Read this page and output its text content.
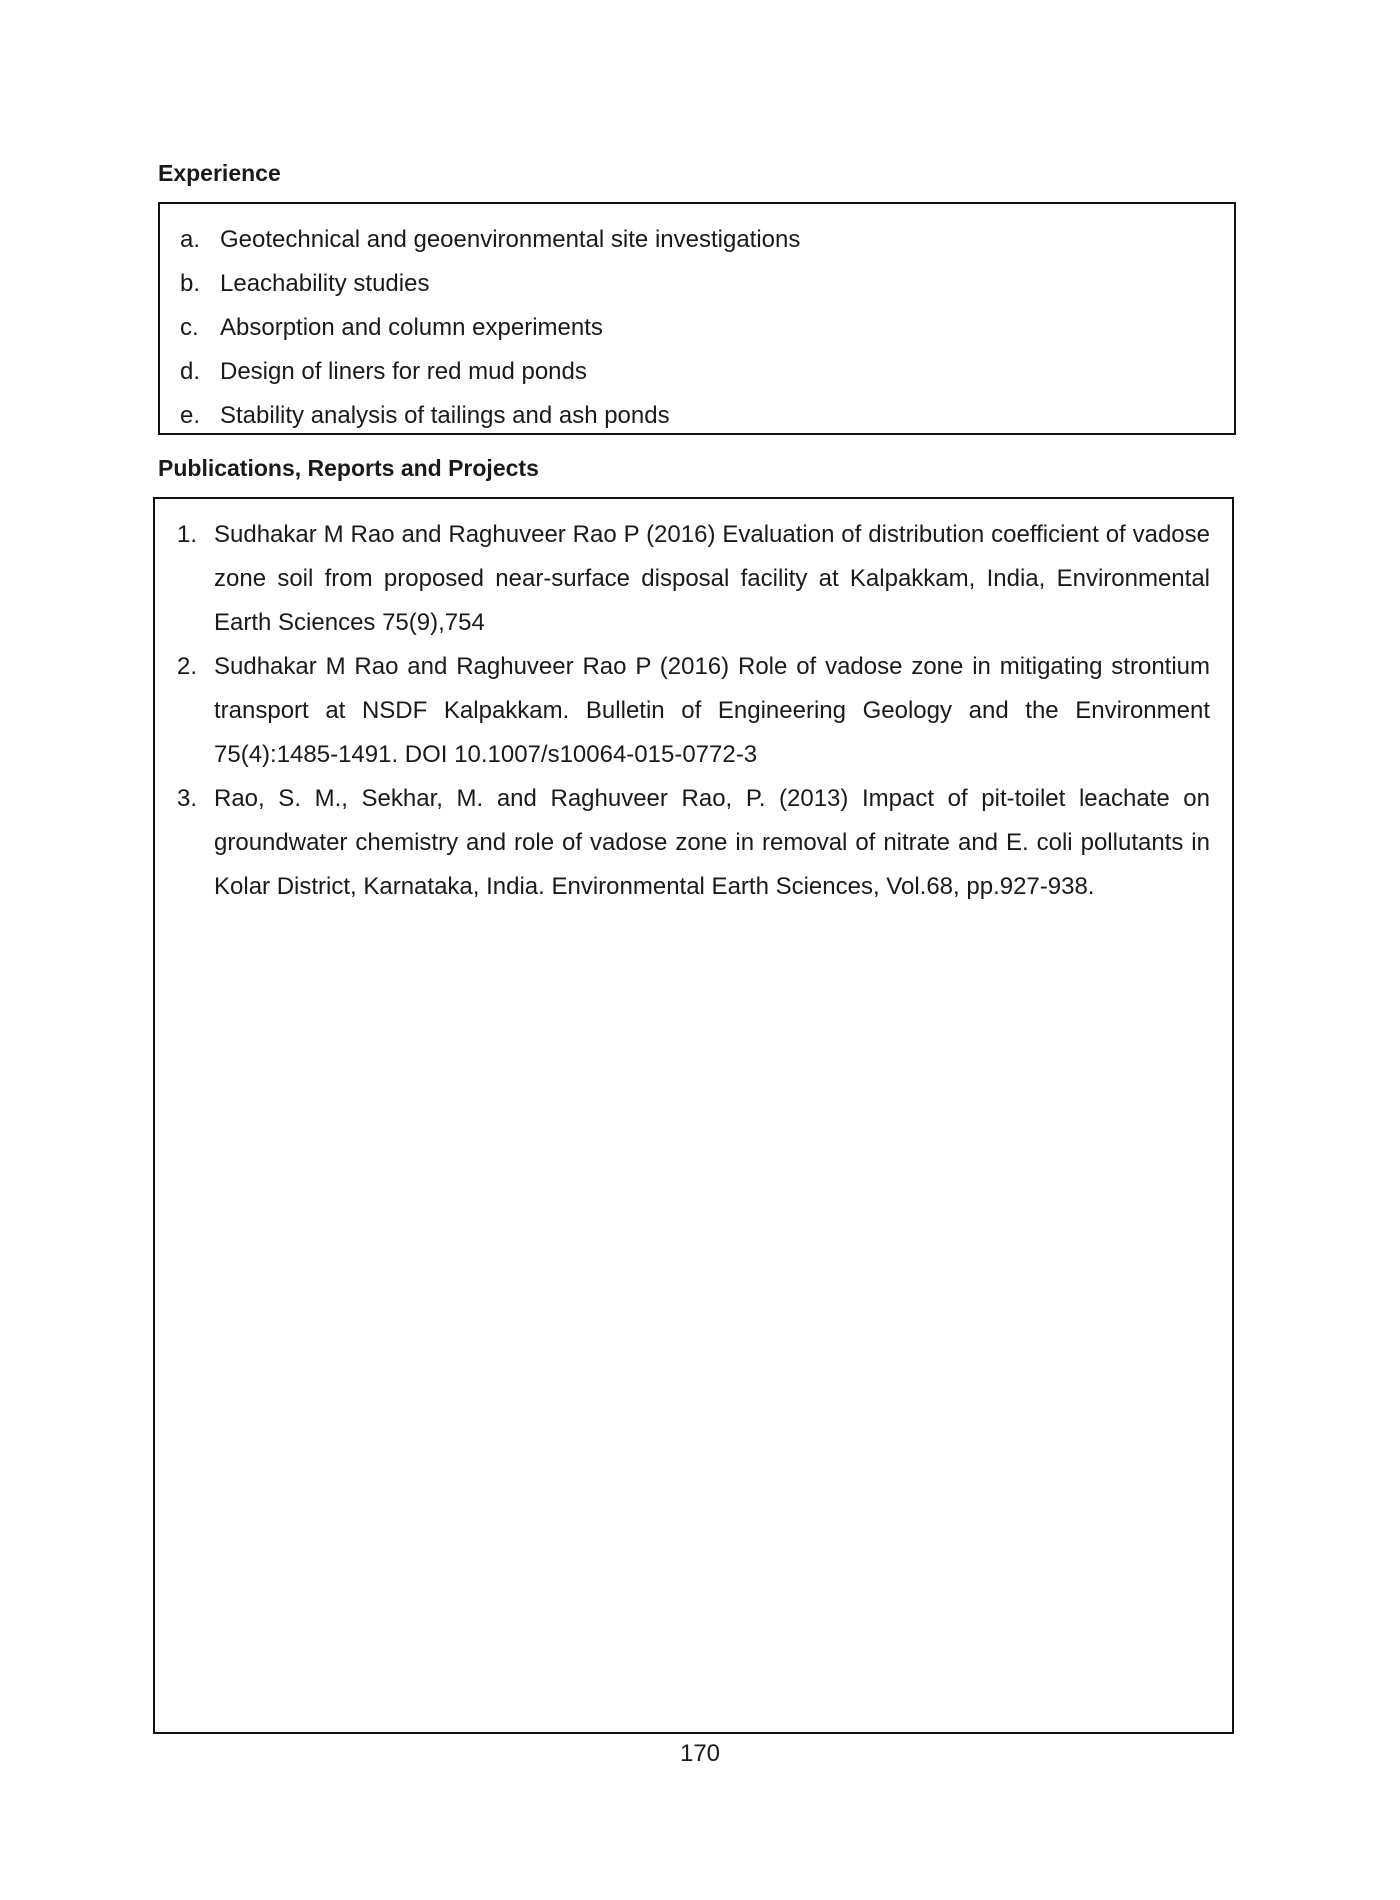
Experience
a. Geotechnical and geoenvironmental site investigations
b. Leachability studies
c. Absorption and column experiments
d. Design of liners for red mud ponds
e. Stability analysis of tailings and ash ponds
Publications, Reports and Projects
1. Sudhakar M Rao and Raghuveer Rao P (2016) Evaluation of distribution coefficient of vadose zone soil from proposed near-surface disposal facility at Kalpakkam, India, Environmental Earth Sciences 75(9),754
2. Sudhakar M Rao and Raghuveer Rao P (2016) Role of vadose zone in mitigating strontium transport at NSDF Kalpakkam. Bulletin of Engineering Geology and the Environment 75(4):1485-1491. DOI 10.1007/s10064-015-0772-3
3. Rao, S. M., Sekhar, M. and Raghuveer Rao, P. (2013) Impact of pit-toilet leachate on groundwater chemistry and role of vadose zone in removal of nitrate and E. coli pollutants in Kolar District, Karnataka, India. Environmental Earth Sciences, Vol.68, pp.927-938.
170
